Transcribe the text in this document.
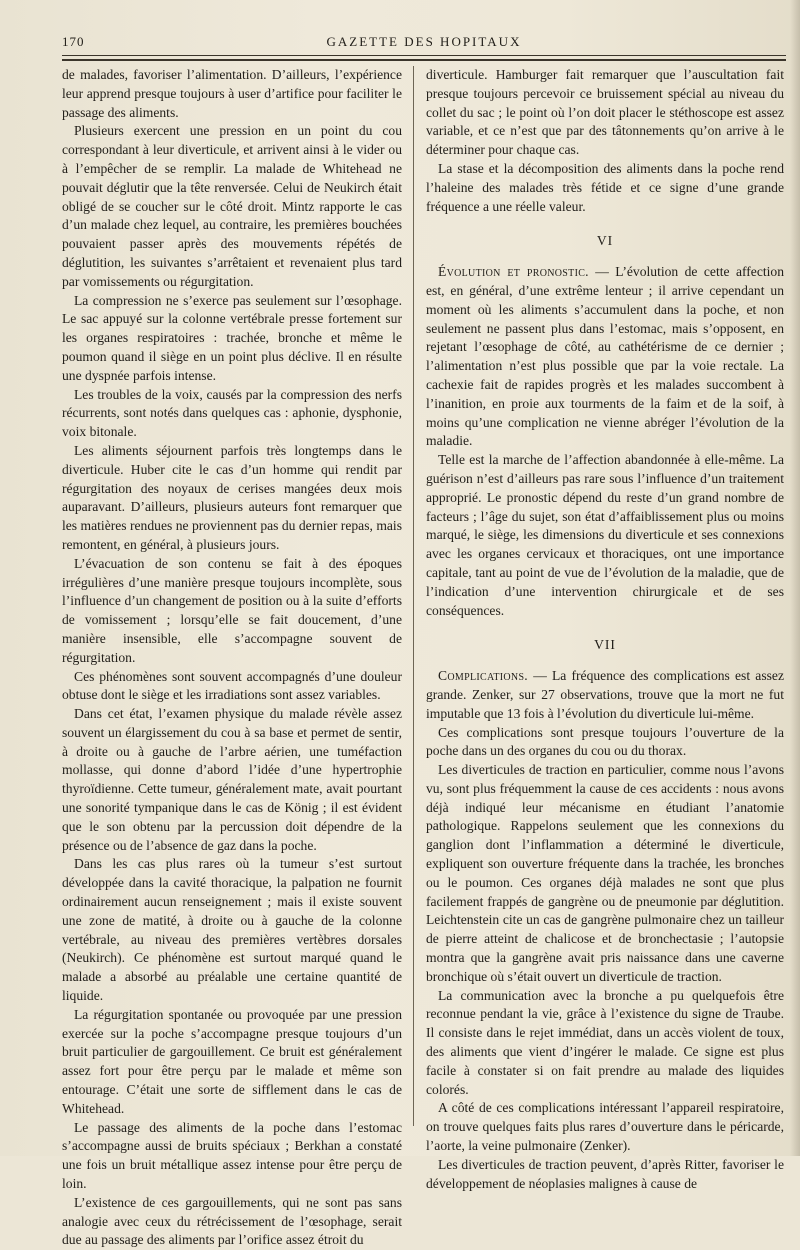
170	GAZETTE DES HOPITAUX

de malades, favoriser l’alimentation. D’ailleurs, l’expérience leur apprend presque toujours à user d’artifice pour faciliter le passage des aliments.

Plusieurs exercent une pression en un point du cou correspondant à leur diverticule, et arrivent ainsi à le vider ou à l’empêcher de se remplir. La malade de Whitehead ne pouvait déglutir que la tête renversée. Celui de Neukirch était obligé de se coucher sur le côté droit. Mintz rapporte le cas d’un malade chez lequel, au contraire, les premières bouchées pouvaient passer après des mouvements répétés de déglutition, les suivantes s’arrêtaient et revenaient plus tard par vomissements ou régurgitation.

La compression ne s’exerce pas seulement sur l’œsophage. Le sac appuyé sur la colonne vertébrale presse fortement sur les organes respiratoires : trachée, bronche et même le poumon quand il siège en un point plus déclive. Il en résulte une dyspnée parfois intense.

Les troubles de la voix, causés par la compression des nerfs récurrents, sont notés dans quelques cas : aphonie, dysphonie, voix bitonale.

Les aliments séjournent parfois très longtemps dans le diverticule. Huber cite le cas d’un homme qui rendit par régurgitation des noyaux de cerises mangées deux mois auparavant. D’ailleurs, plusieurs auteurs font remarquer que les matières rendues ne proviennent pas du dernier repas, mais remontent, en général, à plusieurs jours.

L’évacuation de son contenu se fait à des époques irrégulières d’une manière presque toujours incomplète, sous l’influence d’un changement de position ou à la suite d’efforts de vomissement ; lorsqu’elle se fait doucement, d’une manière insensible, elle s’accompagne souvent de régurgitation.

Ces phénomènes sont souvent accompagnés d’une douleur obtuse dont le siège et les irradiations sont assez variables.

Dans cet état, l’examen physique du malade révèle assez souvent un élargissement du cou à sa base et permet de sentir, à droite ou à gauche de l’arbre aérien, une tuméfaction mollasse, qui donne d’abord l’idée d’une hypertrophie thyroïdienne. Cette tumeur, généralement mate, avait pourtant une sonorité tympanique dans le cas de König ; il est évident que le son obtenu par la percussion doit dépendre de la présence ou de l’absence de gaz dans la poche.

Dans les cas plus rares où la tumeur s’est surtout développée dans la cavité thoracique, la palpation ne fournit ordinairement aucun renseignement ; mais il existe souvent une zone de matité, à droite ou à gauche de la colonne vertébrale, au niveau des premières vertèbres dorsales (Neukirch). Ce phénomène est surtout marqué quand le malade a absorbé au préalable une certaine quantité de liquide.

La régurgitation spontanée ou provoquée par une pression exercée sur la poche s’accompagne presque toujours d’un bruit particulier de gargouillement. Ce bruit est généralement assez fort pour être perçu par le malade et même son entourage. C’était une sorte de sifflement dans le cas de Whitehead.

Le passage des aliments de la poche dans l’estomac s’accompagne aussi de bruits spéciaux ; Berkhan a constaté une fois un bruit métallique assez intense pour être perçu de loin.

L’existence de ces gargouillements, qui ne sont pas sans analogie avec ceux du rétrécissement de l’œsophage, serait due au passage des aliments par l’orifice assez étroit du

diverticule. Hamburger fait remarquer que l’auscultation fait presque toujours percevoir ce bruissement spécial au niveau du collet du sac ; le point où l’on doit placer le stéthoscope est assez variable, et ce n’est que par des tâtonnements qu’on arrive à le déterminer pour chaque cas.

La stase et la décomposition des aliments dans la poche rend l’haleine des malades très fétide et ce signe d’une grande fréquence a une réelle valeur.

VI

Évolution et pronostic. — L’évolution de cette affection est, en général, d’une extrême lenteur ; il arrive cependant un moment où les aliments s’accumulent dans la poche, et non seulement ne passent plus dans l’estomac, mais s’opposent, en rejetant l’œsophage de côté, au cathétérisme de ce dernier ; l’alimentation n’est plus possible que par la voie rectale. La cachexie fait de rapides progrès et les malades succombent à l’inanition, en proie aux tourments de la faim et de la soif, à moins qu’une complication ne vienne abréger l’évolution de la maladie.

Telle est la marche de l’affection abandonnée à elle-même. La guérison n’est d’ailleurs pas rare sous l’influence d’un traitement approprié. Le pronostic dépend du reste d’un grand nombre de facteurs ; l’âge du sujet, son état d’affaiblissement plus ou moins marqué, le siège, les dimensions du diverticule et ses connexions avec les organes cervicaux et thoraciques, ont une importance capitale, tant au point de vue de l’évolution de la maladie, que de l’indication d’une intervention chirurgicale et de ses conséquences.

VII

Complications. — La fréquence des complications est assez grande. Zenker, sur 27 observations, trouve que la mort ne fut imputable que 13 fois à l’évolution du diverticule lui-même.

Ces complications sont presque toujours l’ouverture de la poche dans un des organes du cou ou du thorax.

Les diverticules de traction en particulier, comme nous l’avons vu, sont plus fréquemment la cause de ces accidents : nous avons déjà indiqué leur mécanisme en étudiant l’anatomie pathologique. Rappelons seulement que les connexions du ganglion dont l’inflammation a déterminé le diverticule, expliquent son ouverture fréquente dans la trachée, les bronches ou le poumon. Ces organes déjà malades ne sont que plus facilement frappés de gangrène ou de pneumonie par déglutition. Leichtenstein cite un cas de gangrène pulmonaire chez un tailleur de pierre atteint de chalicose et de bronchectasie ; l’autopsie montra que la gangrène avait pris naissance dans une caverne bronchique où s’était ouvert un diverticule de traction.

La communication avec la bronche a pu quelquefois être reconnue pendant la vie, grâce à l’existence du signe de Traube. Il consiste dans le rejet immédiat, dans un accès violent de toux, des aliments que vient d’ingérer le malade. Ce signe est plus facile à constater si on fait prendre au malade des liquides colorés.

A côté de ces complications intéressant l’appareil respiratoire, on trouve quelques faits plus rares d’ouverture dans le péricarde, l’aorte, la veine pulmonaire (Zenker).

Les diverticules de traction peuvent, d’après Ritter, favoriser le développement de néoplasies malignes à cause de
